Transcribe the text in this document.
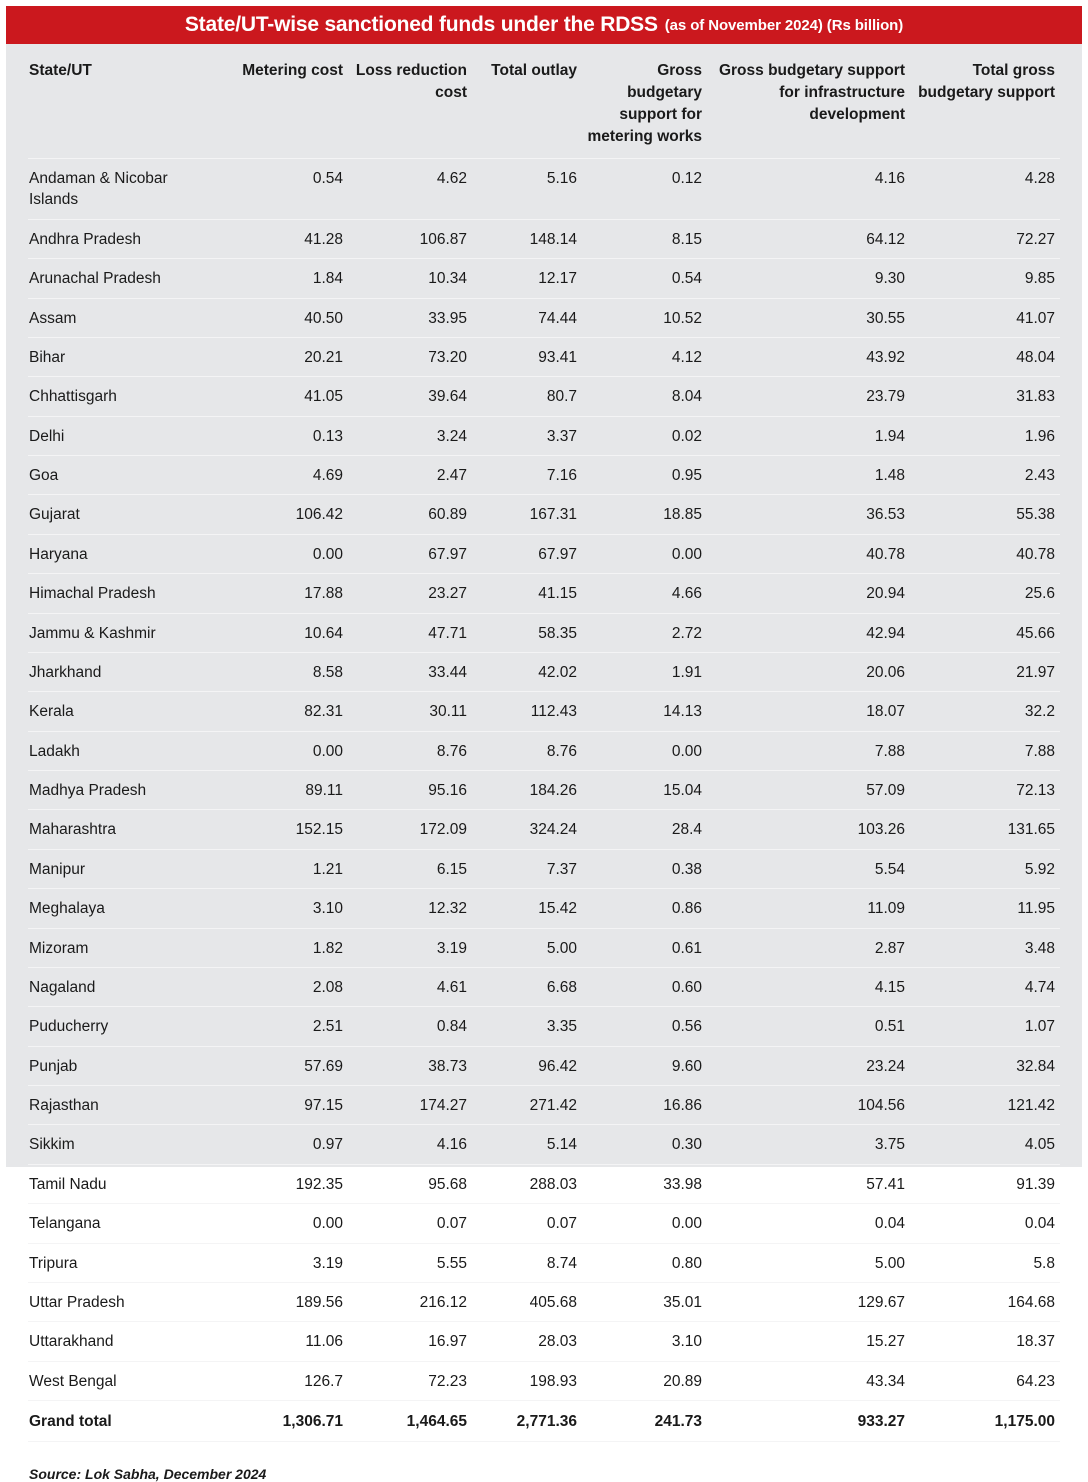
State/UT-wise sanctioned funds under the RDSS (as of November 2024) (Rs billion)
State/UT	Metering cost	Loss reduction cost	Total outlay	Gross budgetary support for metering works	Gross budgetary support for infrastructure development	Total gross budgetary support
Andaman & Nicobar Islands	0.54	4.62	5.16	0.12	4.16	4.28
Andhra Pradesh	41.28	106.87	148.14	8.15	64.12	72.27
Arunachal Pradesh	1.84	10.34	12.17	0.54	9.30	9.85
Assam	40.50	33.95	74.44	10.52	30.55	41.07
Bihar	20.21	73.20	93.41	4.12	43.92	48.04
Chhattisgarh	41.05	39.64	80.7	8.04	23.79	31.83
Delhi	0.13	3.24	3.37	0.02	1.94	1.96
Goa	4.69	2.47	7.16	0.95	1.48	2.43
Gujarat	106.42	60.89	167.31	18.85	36.53	55.38
Haryana	0.00	67.97	67.97	0.00	40.78	40.78
Himachal Pradesh	17.88	23.27	41.15	4.66	20.94	25.6
Jammu & Kashmir	10.64	47.71	58.35	2.72	42.94	45.66
Jharkhand	8.58	33.44	42.02	1.91	20.06	21.97
Kerala	82.31	30.11	112.43	14.13	18.07	32.2
Ladakh	0.00	8.76	8.76	0.00	7.88	7.88
Madhya Pradesh	89.11	95.16	184.26	15.04	57.09	72.13
Maharashtra	152.15	172.09	324.24	28.4	103.26	131.65
Manipur	1.21	6.15	7.37	0.38	5.54	5.92
Meghalaya	3.10	12.32	15.42	0.86	11.09	11.95
Mizoram	1.82	3.19	5.00	0.61	2.87	3.48
Nagaland	2.08	4.61	6.68	0.60	4.15	4.74
Puducherry	2.51	0.84	3.35	0.56	0.51	1.07
Punjab	57.69	38.73	96.42	9.60	23.24	32.84
Rajasthan	97.15	174.27	271.42	16.86	104.56	121.42
Sikkim	0.97	4.16	5.14	0.30	3.75	4.05
Tamil Nadu	192.35	95.68	288.03	33.98	57.41	91.39
Telangana	0.00	0.07	0.07	0.00	0.04	0.04
Tripura	3.19	5.55	8.74	0.80	5.00	5.8
Uttar Pradesh	189.56	216.12	405.68	35.01	129.67	164.68
Uttarakhand	11.06	16.97	28.03	3.10	15.27	18.37
West Bengal	126.7	72.23	198.93	20.89	43.34	64.23
Grand total	1,306.71	1,464.65	2,771.36	241.73	933.27	1,175.00
Source: Lok Sabha, December 2024
